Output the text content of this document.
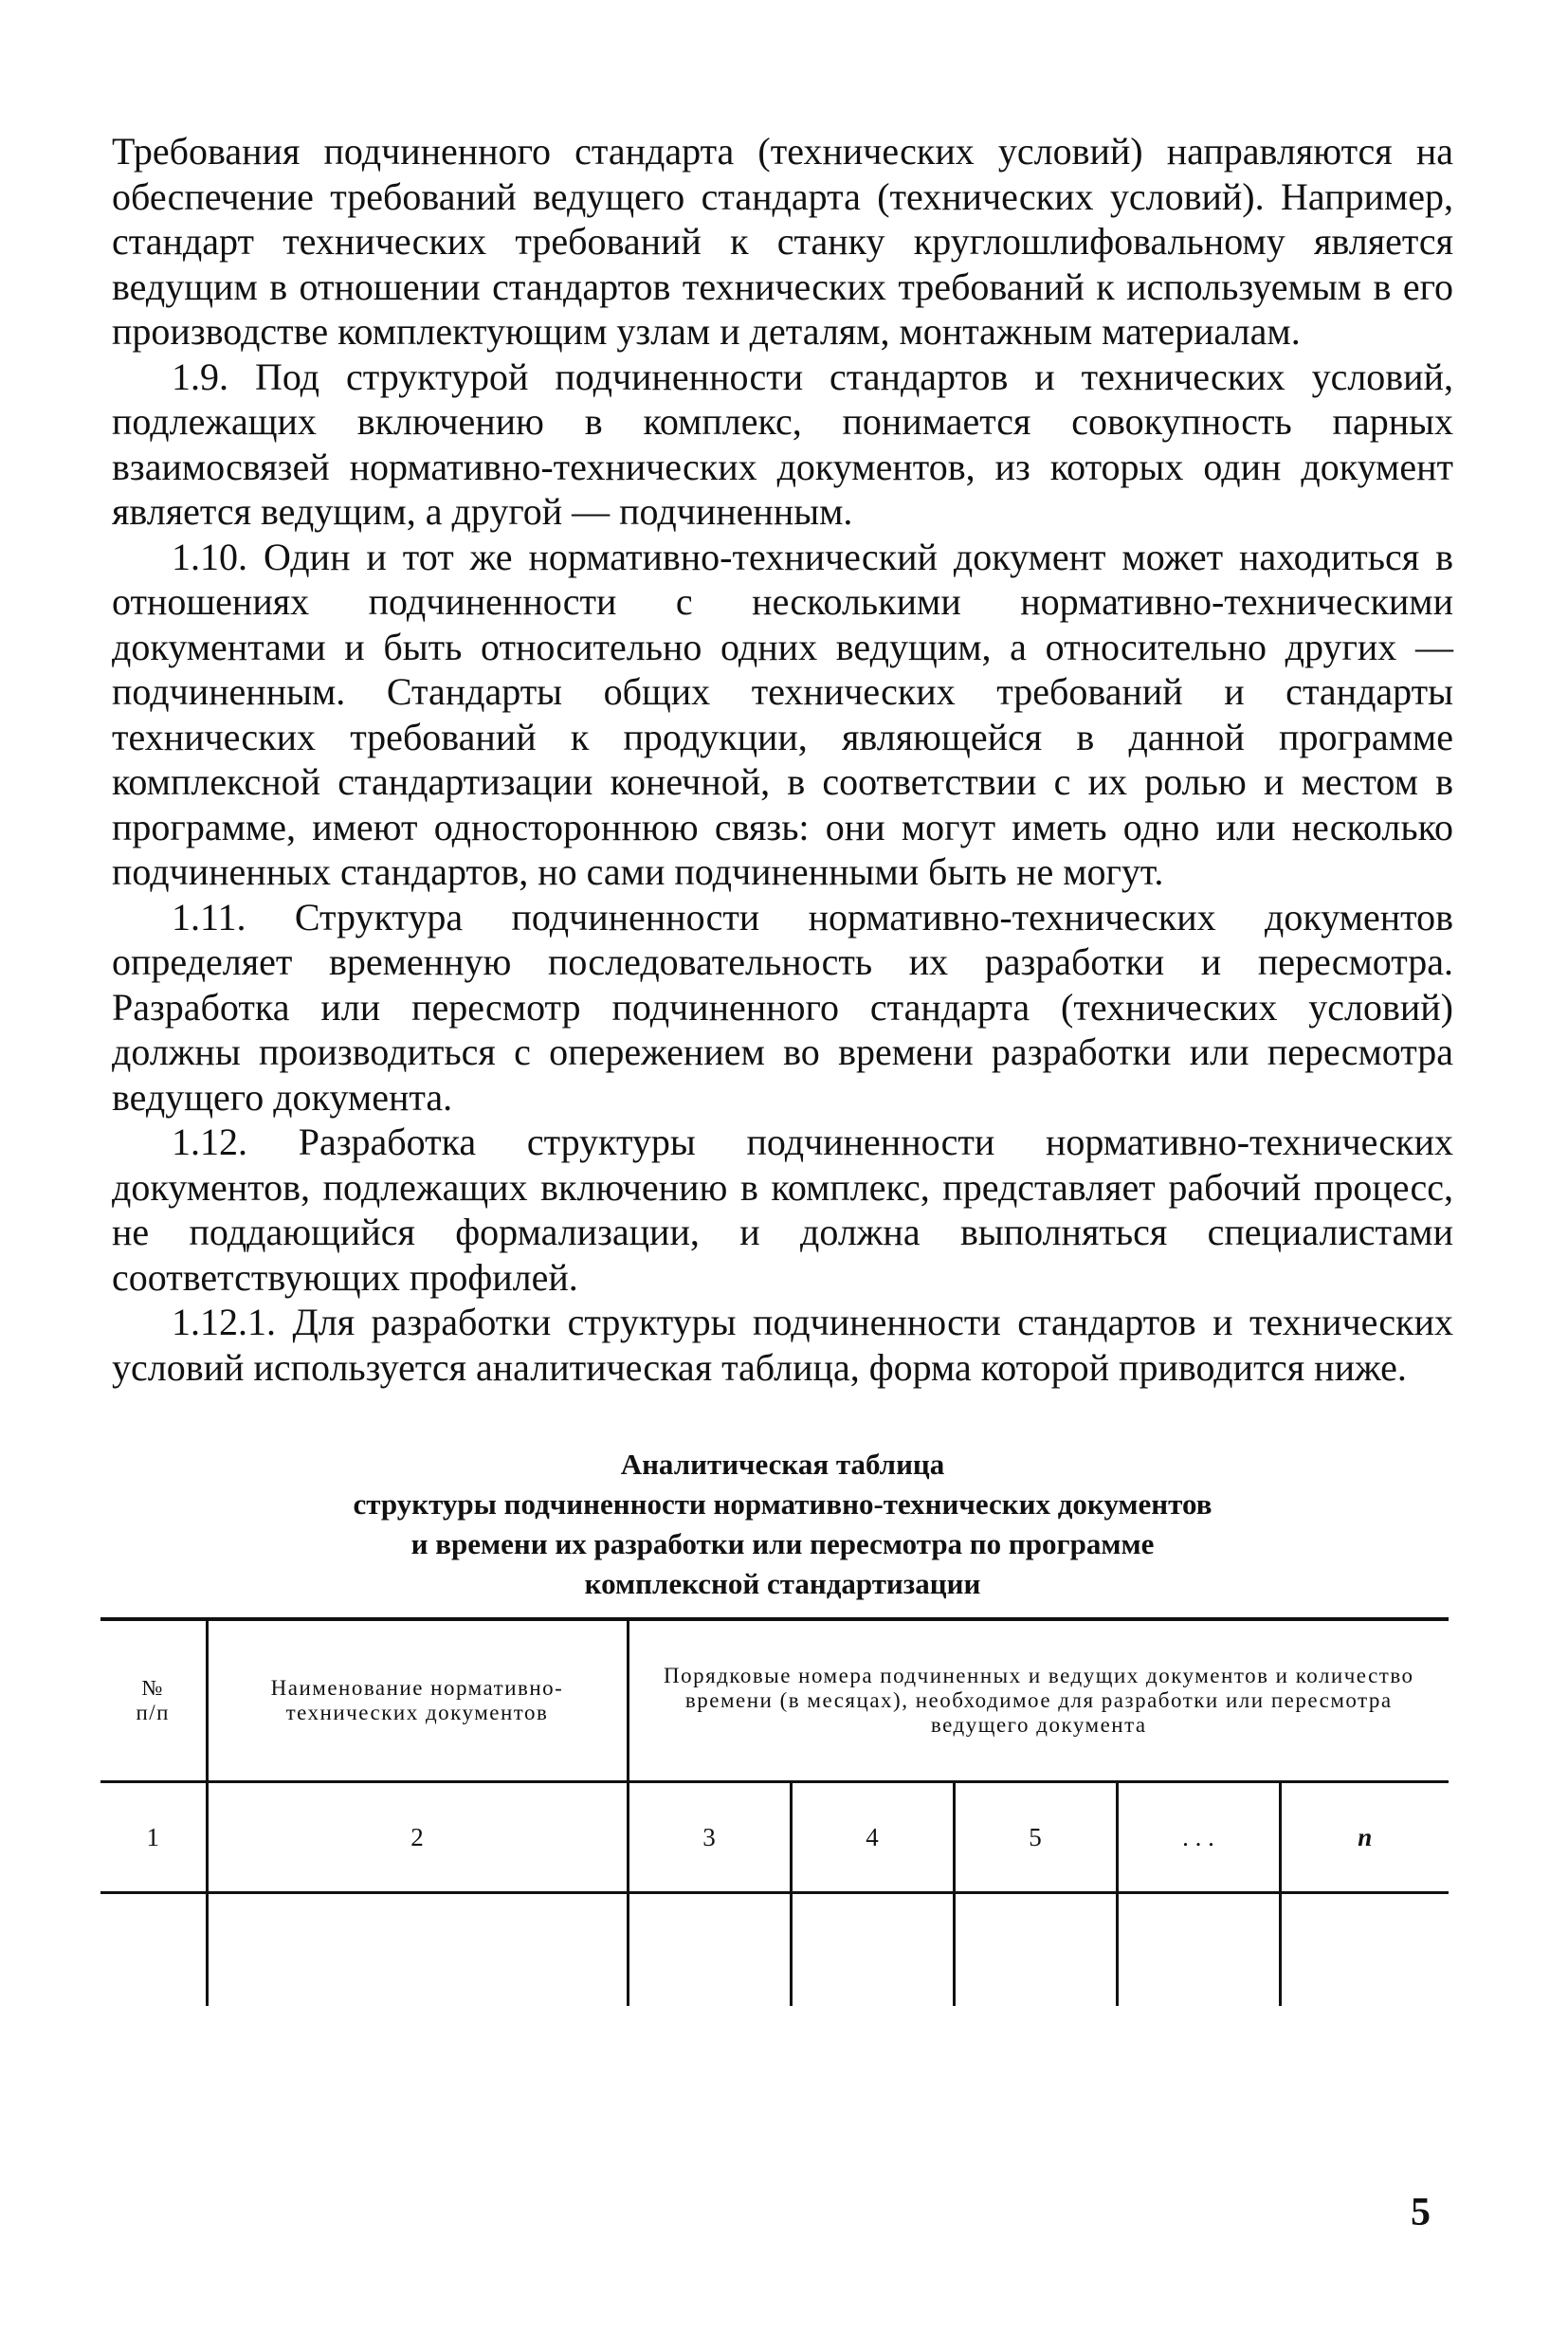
Требования подчиненного стандарта (технических условий) направляются на обеспечение требований ведущего стандарта (технических условий). Например, стандарт технических требований к станку круглошлифовальному является ведущим в отношении стандартов технических требований к используемым в его производстве комплектующим узлам и деталям, монтажным материалам.

1.9. Под структурой подчиненности стандартов и технических условий, подлежащих включению в комплекс, понимается совокупность парных взаимосвязей нормативно-технических документов, из которых один документ является ведущим, а другой — подчиненным.

1.10. Один и тот же нормативно-технический документ может находиться в отношениях подчиненности с несколькими нормативно-техническими документами и быть относительно одних ведущим, а относительно других — подчиненным. Стандарты общих технических требований и стандарты технических требований к продукции, являющейся в данной программе комплексной стандартизации конечной, в соответствии с их ролью и местом в программе, имеют одностороннюю связь: они могут иметь одно или несколько подчиненных стандартов, но сами подчиненными быть не могут.

1.11. Структура подчиненности нормативно-технических документов определяет временную последовательность их разработки и пересмотра. Разработка или пересмотр подчиненного стандарта (технических условий) должны производиться с опережением во времени разработки или пересмотра ведущего документа.

1.12. Разработка структуры подчиненности нормативно-технических документов, подлежащих включению в комплекс, представляет рабочий процесс, не поддающийся формализации, и должна выполняться специалистами соответствующих профилей.

1.12.1. Для разработки структуры подчиненности стандартов и технических условий используется аналитическая таблица, форма которой приводится ниже.

Аналитическая таблица
структуры подчиненности нормативно-технических документов
и времени их разработки или пересмотра по программе
комплексной стандартизации
№ п/п	Наименование нормативно-технических документов	Порядковые номера подчиненных и ведущих документов и количество времени (в месяцах), необходимое для разработки или пересмотра ведущего документа				
1	2	3	4	5	. . .	n

5
